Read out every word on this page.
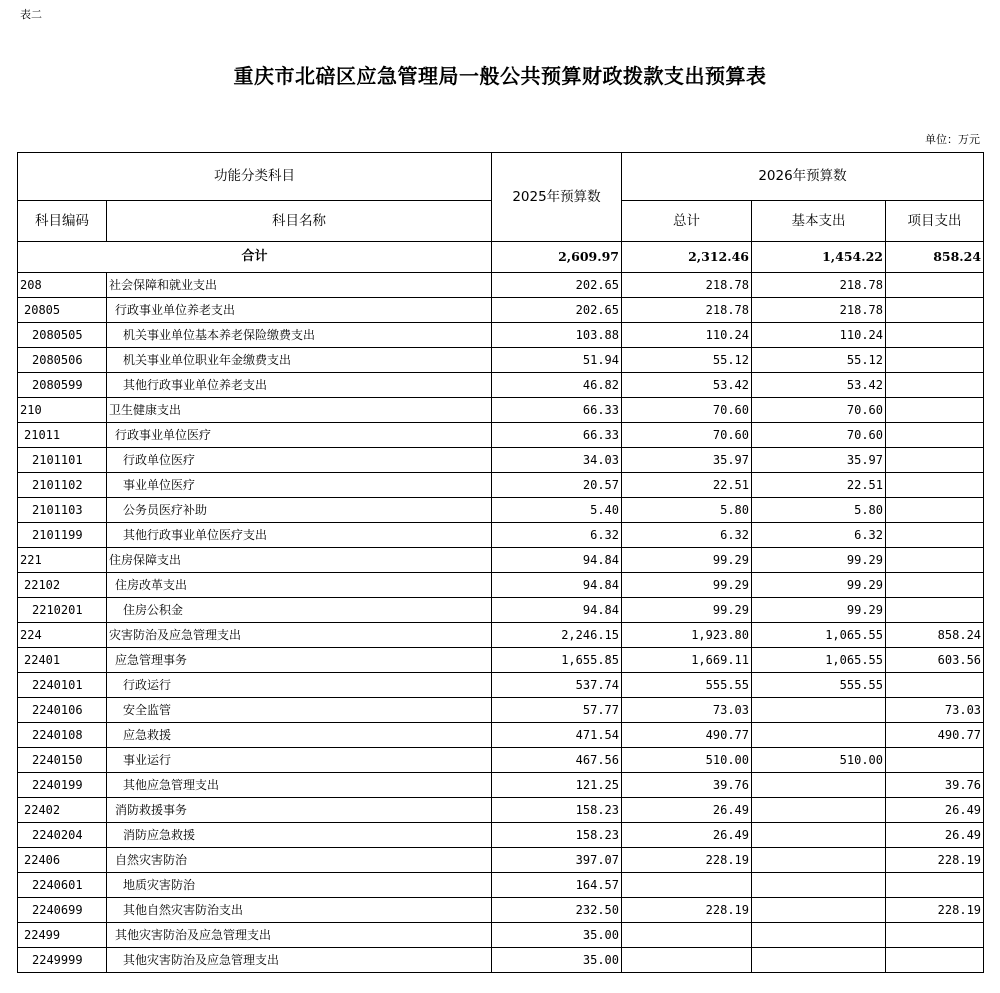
表二
重庆市北碚区应急管理局一般公共预算财政拨款支出预算表
单位：万元
功能分类科目		2025年预算数	2026年预算数		
科目编码	科目名称		总计	基本支出	项目支出
合计		2,609.97	2,312.46	1,454.22	858.24
208	社会保障和就业支出	202.65	218.78	218.78	
20805	行政事业单位养老支出	202.65	218.78	218.78	
2080505	机关事业单位基本养老保险缴费支出	103.88	110.24	110.24	
2080506	机关事业单位职业年金缴费支出	51.94	55.12	55.12	
2080599	其他行政事业单位养老支出	46.82	53.42	53.42	
210	卫生健康支出	66.33	70.60	70.60	
21011	行政事业单位医疗	66.33	70.60	70.60	
2101101	行政单位医疗	34.03	35.97	35.97	
2101102	事业单位医疗	20.57	22.51	22.51	
2101103	公务员医疗补助	5.40	5.80	5.80	
2101199	其他行政事业单位医疗支出	6.32	6.32	6.32	
221	住房保障支出	94.84	99.29	99.29	
22102	住房改革支出	94.84	99.29	99.29	
2210201	住房公积金	94.84	99.29	99.29	
224	灾害防治及应急管理支出	2,246.15	1,923.80	1,065.55	858.24
22401	应急管理事务	1,655.85	1,669.11	1,065.55	603.56
2240101	行政运行	537.74	555.55	555.55	
2240106	安全监管	57.77	73.03		73.03
2240108	应急救援	471.54	490.77		490.77
2240150	事业运行	467.56	510.00	510.00	
2240199	其他应急管理支出	121.25	39.76		39.76
22402	消防救援事务	158.23	26.49		26.49
2240204	消防应急救援	158.23	26.49		26.49
22406	自然灾害防治	397.07	228.19		228.19
2240601	地质灾害防治	164.57			
2240699	其他自然灾害防治支出	232.50	228.19		228.19
22499	其他灾害防治及应急管理支出	35.00			
2249999	其他灾害防治及应急管理支出	35.00			
